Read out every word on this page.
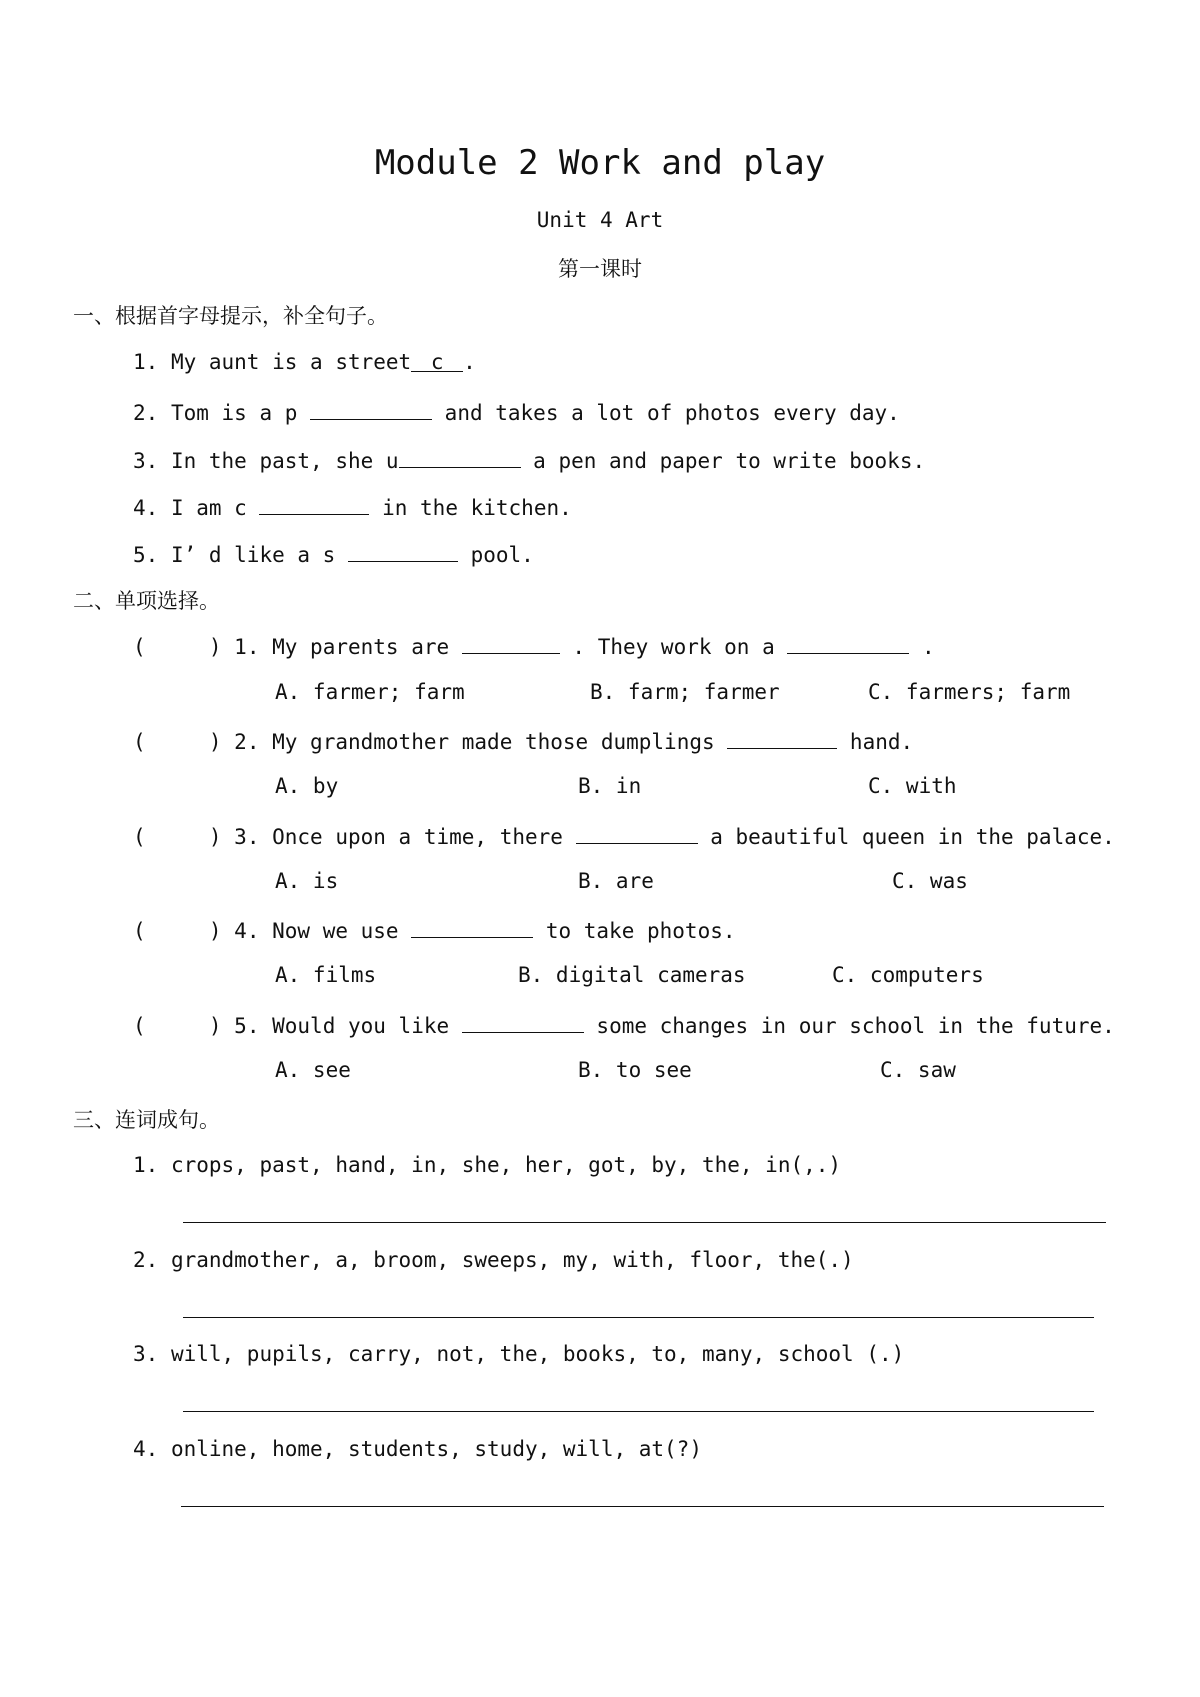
Module 2 Work and play
Unit 4 Art
第一课时
一、根据首字母提示，补全句子。
1. My aunt is a street c .
2. Tom is a p	and takes a lot of photos every day.
3. In the past, she u	a pen and paper to write books.
4. I am c	in the kitchen.
5. I’ d like a s	pool.
二、单项选择。
(     ) 1. My parents are	. They work on a	.
A. farmer; farm	B. farm; farmer	C. farmers; farm
(     ) 2. My grandmother made those dumplings	hand.
A. by	B. in	C. with
(     ) 3. Once upon a time, there	a beautiful queen in the palace.
A. is	B. are	C. was
(     ) 4. Now we use	to take photos.
A. films	B. digital cameras	C. computers
(     ) 5. Would you like	some changes in our school in the future.
A. see	B. to see	C. saw
三、连词成句。
1. crops, past, hand, in, she, her, got, by, the, in(,.)
2. grandmother, a, broom, sweeps, my, with, floor, the(.)
3. will, pupils, carry, not, the, books, to, many, school (.)
4. online, home, students, study, will, at(?)
